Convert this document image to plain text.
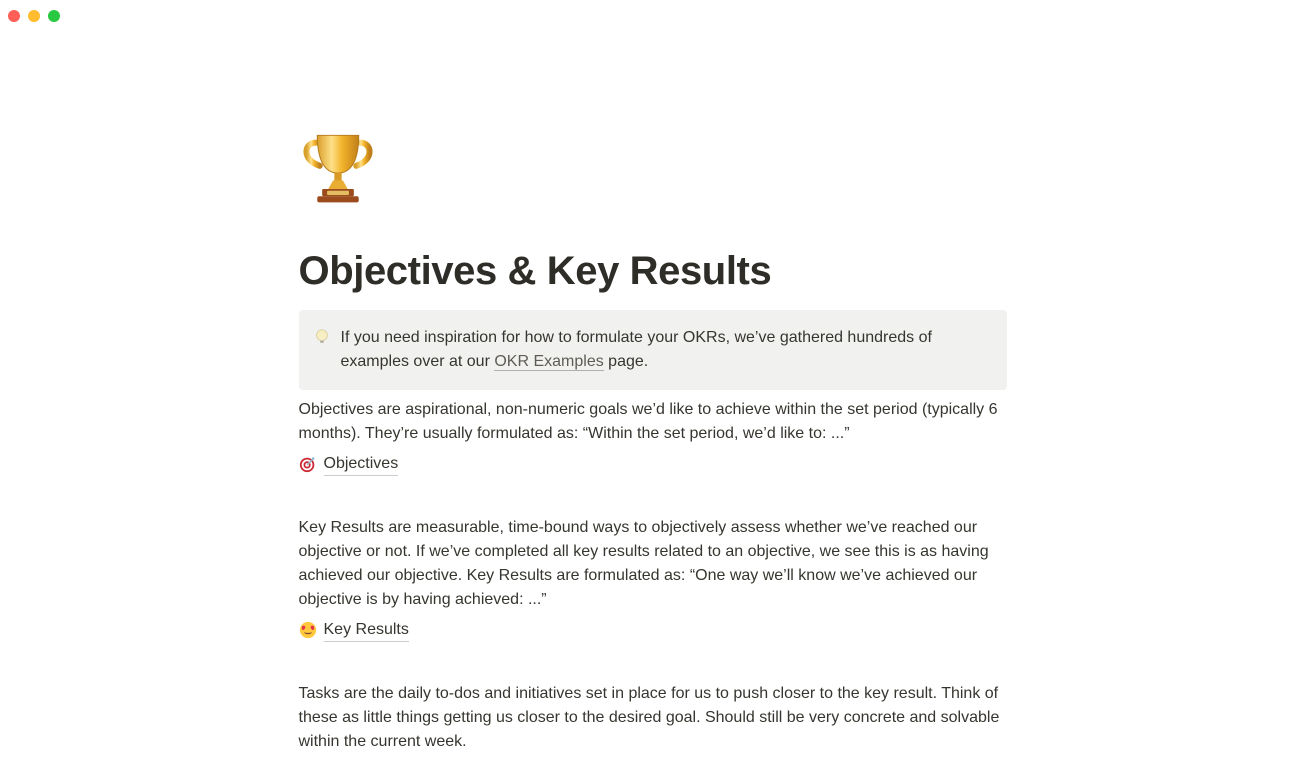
Objectives & Key Results
If you need inspiration for how to formulate your OKRs, we’ve gathered hundreds of examples over at our OKR Examples page.

Objectives are aspirational, non-numeric goals we’d like to achieve within the set period (typically 6 months). They’re usually formulated as: “Within the set period, we’d like to: ...”

Objectives

Key Results are measurable, time-bound ways to objectively assess whether we’ve reached our objective or not. If we’ve completed all key results related to an objective, we see this is as having achieved our objective. Key Results are formulated as: “One way we’ll know we’ve achieved our objective is by having achieved: ...”

Key Results

Tasks are the daily to-dos and initiatives set in place for us to push closer to the key result. Think of these as little things getting us closer to the desired goal. Should still be very concrete and solvable within the current week.
